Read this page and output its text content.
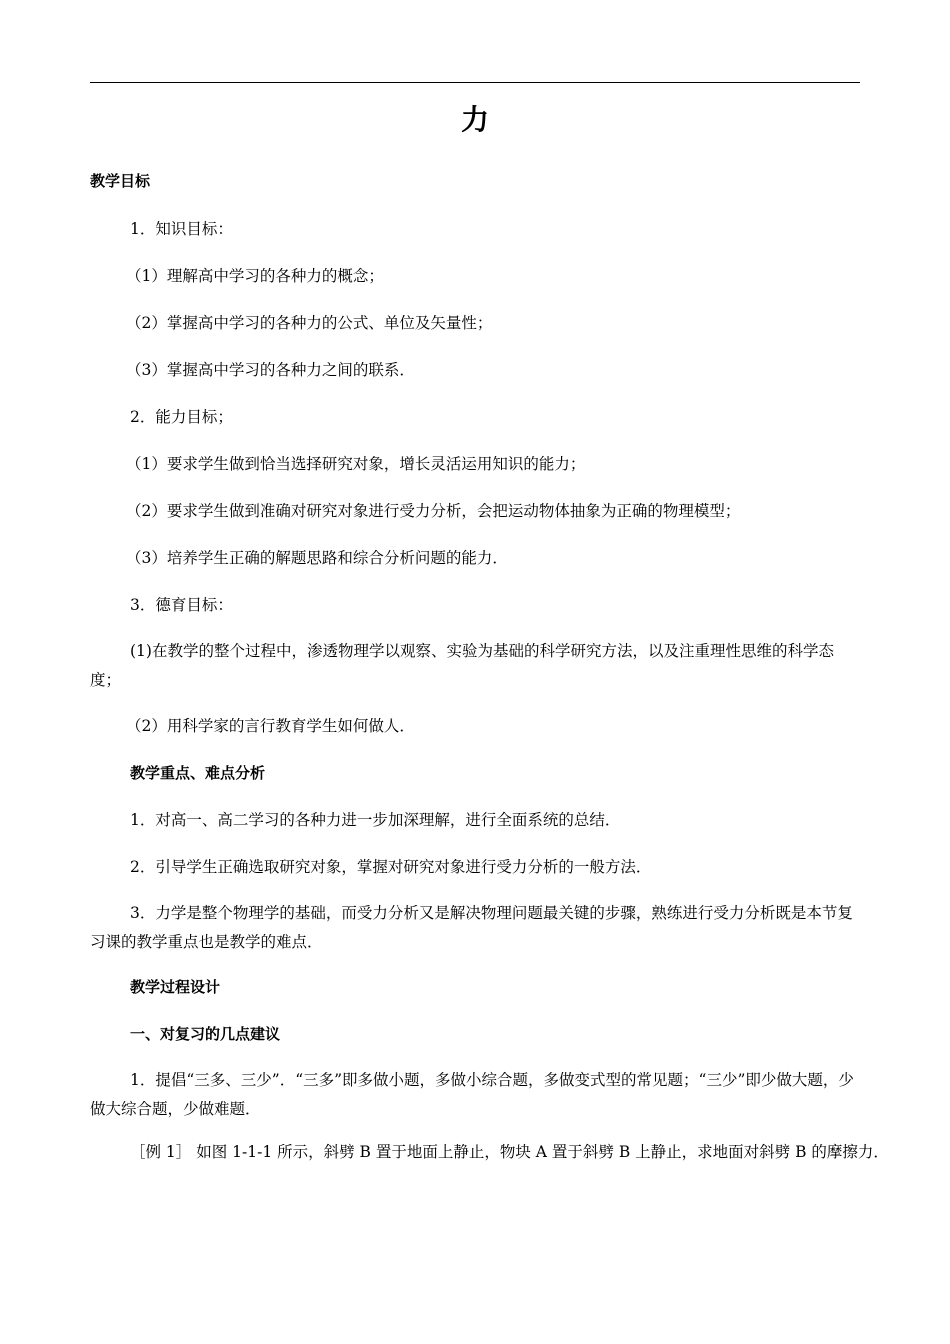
力
教学目标
1．知识目标：
（1）理解高中学习的各种力的概念；
（2）掌握高中学习的各种力的公式、单位及矢量性；
（3）掌握高中学习的各种力之间的联系．
2．能力目标；
（1）要求学生做到恰当选择研究对象，增长灵活运用知识的能力；
（2）要求学生做到准确对研究对象进行受力分析，会把运动物体抽象为正确的物理模型；
（3）培养学生正确的解题思路和综合分析问题的能力．
3．德育目标：
(1)在教学的整个过程中，渗透物理学以观察、实验为基础的科学研究方法，以及注重理性思维的科学态度；
（2）用科学家的言行教育学生如何做人．
教学重点、难点分析
1．对高一、高二学习的各种力进一步加深理解，进行全面系统的总结．
2．引导学生正确选取研究对象，掌握对研究对象进行受力分析的一般方法．
3．力学是整个物理学的基础，而受力分析又是解决物理问题最关键的步骤，熟练进行受力分析既是本节复习课的教学重点也是教学的难点．
教学过程设计
一、对复习的几点建议
1．提倡“三多、三少”．“三多”即多做小题，多做小综合题，多做变式型的常见题；“三少”即少做大题，少做大综合题，少做难题．
［例 1］ 如图 1-1-1 所示，斜劈 B 置于地面上静止，物块 A 置于斜劈 B 上静止，求地面对斜劈 B 的摩擦力．
